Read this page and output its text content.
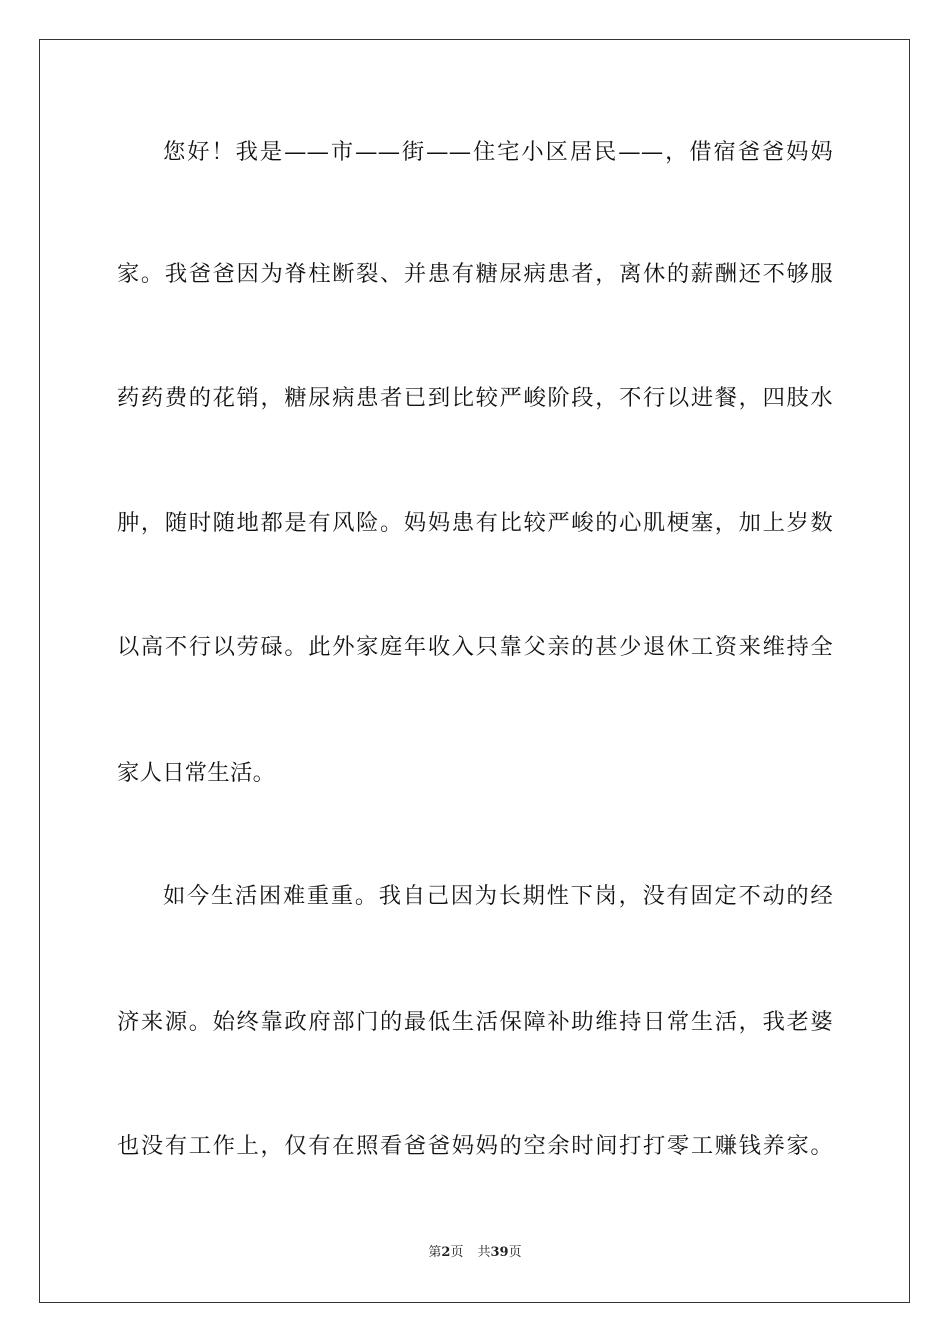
您好！我是——市——街——住宅小区居民——，借宿爸爸妈妈
家。我爸爸因为脊柱断裂、并患有糖尿病患者，离休的薪酬还不够服
药药费的花销，糖尿病患者已到比较严峻阶段，不行以进餐，四肢水
肿，随时随地都是有风险。妈妈患有比较严峻的心肌梗塞，加上岁数
以高不行以劳碌。此外家庭年收入只靠父亲的甚少退休工资来维持全
家人日常生活。
如今生活困难重重。我自己因为长期性下岗，没有固定不动的经
济来源。始终靠政府部门的最低生活保障补助维持日常生活，我老婆
也没有工作上，仅有在照看爸爸妈妈的空余时间打打零工赚钱养家。
第2页 共39页
